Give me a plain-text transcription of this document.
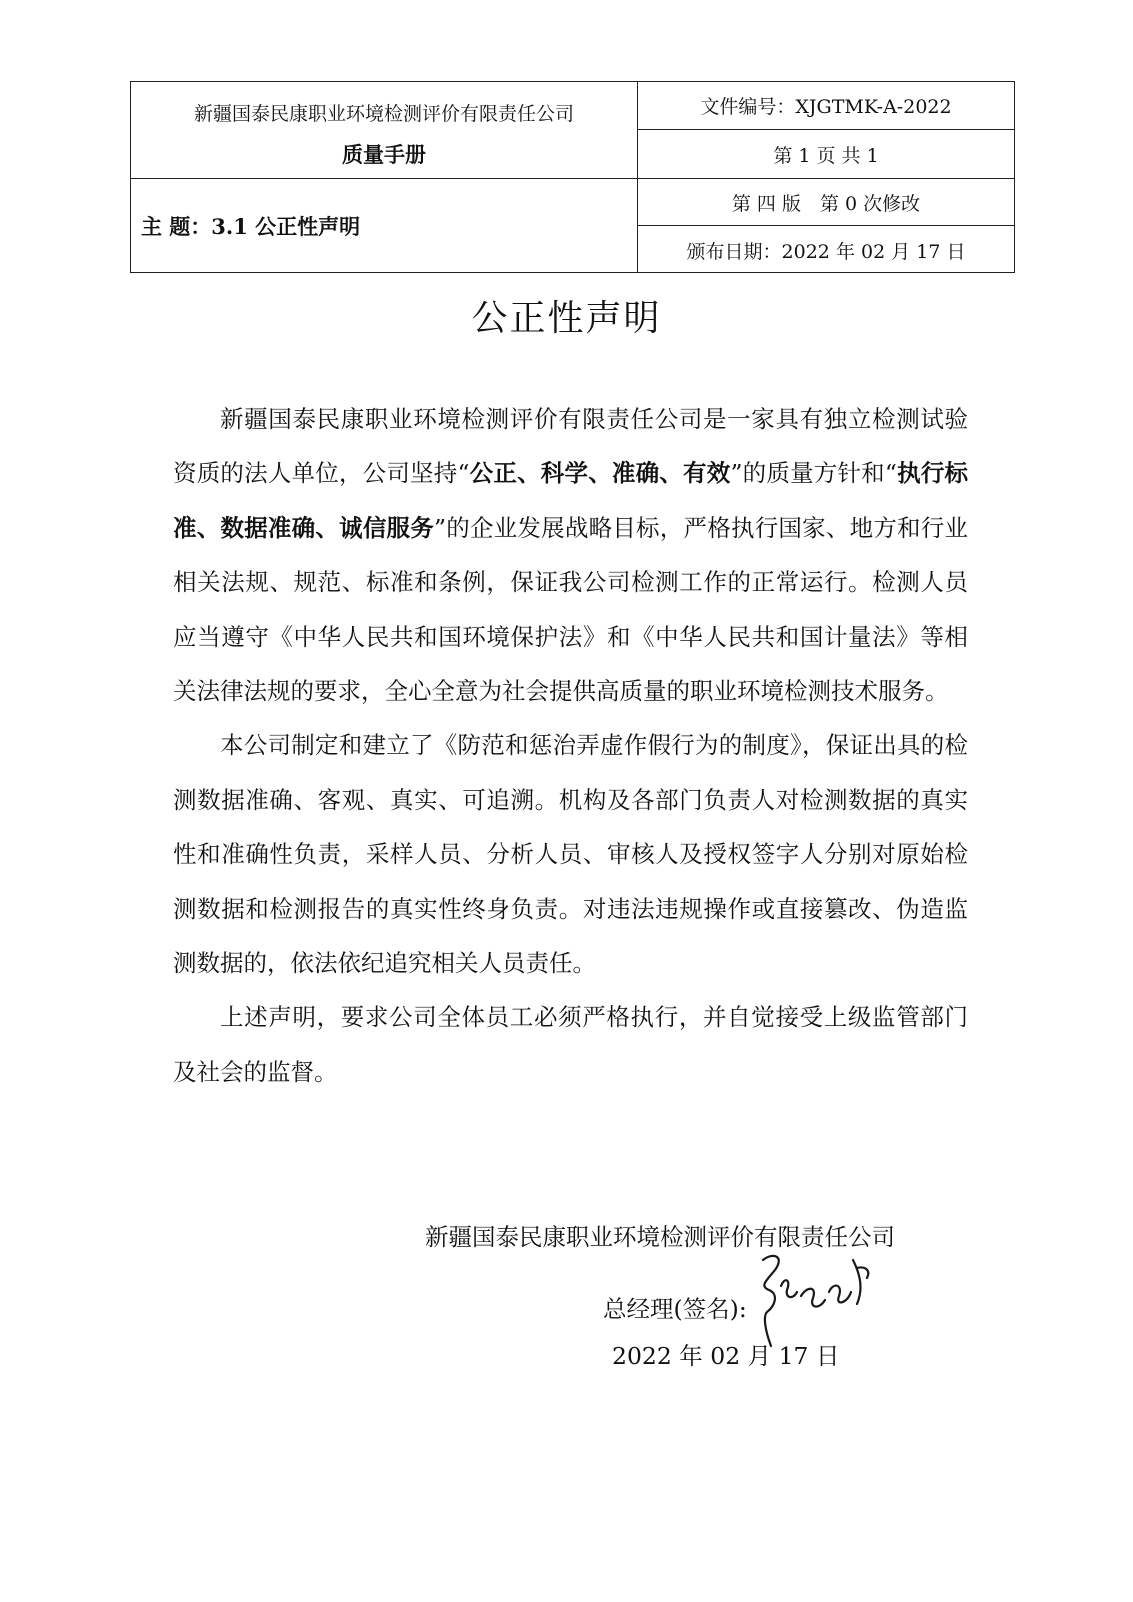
新疆国泰民康职业环境检测评价有限责任公司
质量手册
主 题：3.1 公正性声明
文件编号：XJGTMK-A-2022
第 1 页 共 1
第 四 版　第 0 次修改
颁布日期：2022 年 02 月 17 日
公正性声明

新疆国泰民康职业环境检测评价有限责任公司是一家具有独立检测试验资质的法人单位，公司坚持“公正、科学、准确、有效”的质量方针和“执行标准、数据准确、诚信服务”的企业发展战略目标，严格执行国家、地方和行业相关法规、规范、标准和条例，保证我公司检测工作的正常运行。检测人员应当遵守《中华人民共和国环境保护法》和《中华人民共和国计量法》等相关法律法规的要求，全心全意为社会提供高质量的职业环境检测技术服务。

本公司制定和建立了《防范和惩治弄虚作假行为的制度》，保证出具的检测数据准确、客观、真实、可追溯。机构及各部门负责人对检测数据的真实性和准确性负责，采样人员、分析人员、审核人及授权签字人分别对原始检测数据和检测报告的真实性终身负责。对违法违规操作或直接篡改、伪造监测数据的，依法依纪追究相关人员责任。

上述声明，要求公司全体员工必须严格执行，并自觉接受上级监管部门及社会的监督。

新疆国泰民康职业环境检测评价有限责任公司
总经理(签名):
2022 年 02 月 17 日
